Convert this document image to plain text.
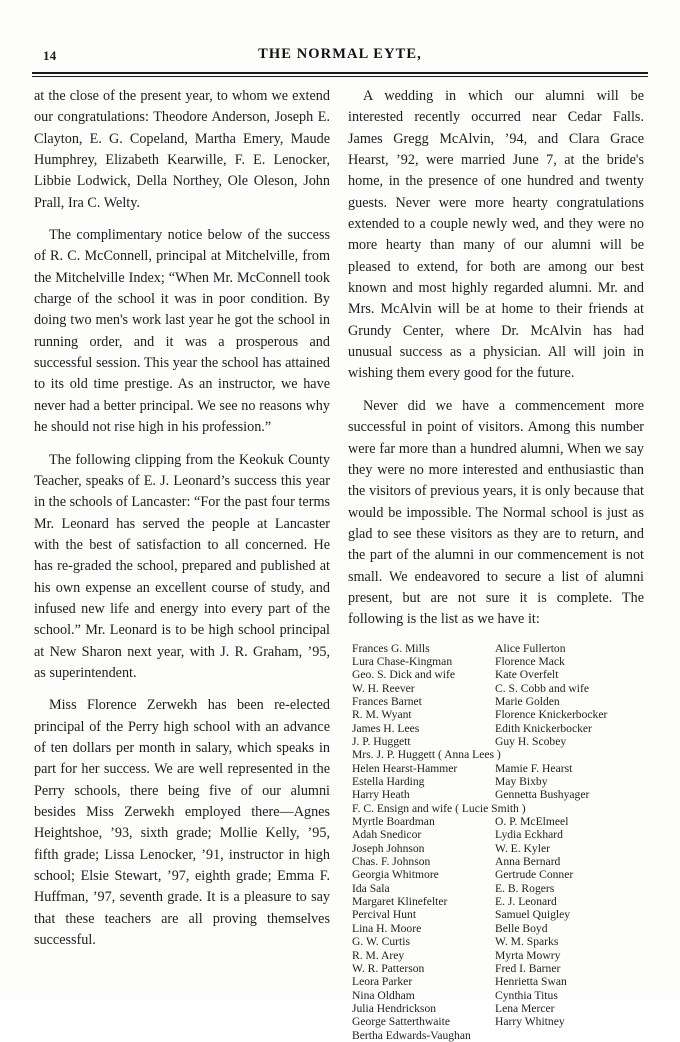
14	THE NORMAL EYTE,

at the close of the present year, to whom we extend our congratulations: Theodore Anderson, Joseph E. Clayton, E. G. Copeland, Martha Emery, Maude Humphrey, Elizabeth Kearwille, F. E. Lenocker, Libbie Lodwick, Della Northey, Ole Oleson, John Prall, Ira C. Welty.

The complimentary notice below of the success of R. C. McConnell, principal at Mitchelville, from the Mitchelville Index; “When Mr. McConnell took charge of the school it was in poor condition. By doing two men's work last year he got the school in running order, and it was a prosperous and successful session. This year the school has attained to its old time prestige. As an instructor, we have never had a better principal. We see no reasons why he should not rise high in his profession.”

The following clipping from the Keokuk County Teacher, speaks of E. J. Leonard’s success this year in the schools of Lancaster: “For the past four terms Mr. Leonard has served the people at Lancaster with the best of satisfaction to all concerned. He has re-graded the school, prepared and published at his own expense an excellent course of study, and infused new life and energy into every part of the school.” Mr. Leonard is to be high school principal at New Sharon next year, with J. R. Graham, ’95, as superintendent.

Miss Florence Zerwekh has been re-elected principal of the Perry high school with an advance of ten dollars per month in salary, which speaks in part for her success. We are well represented in the Perry schools, there being five of our alumni besides Miss Zerwekh employed there—Agnes Heightshoe, ’93, sixth grade; Mollie Kelly, ’95, fifth grade; Lissa Lenocker, ’91, instructor in high school; Elsie Stewart, ’97, eighth grade; Emma F. Huffman, ’97, seventh grade. It is a pleasure to say that these teachers are all proving themselves successful.

A wedding in which our alumni will be interested recently occurred near Cedar Falls. James Gregg McAlvin, ’94, and Clara Grace Hearst, ’92, were married June 7, at the bride's home, in the presence of one hundred and twenty guests. Never were more hearty congratulations extended to a couple newly wed, and they were no more hearty than many of our alumni will be pleased to extend, for both are among our best known and most highly regarded alumni. Mr. and Mrs. McAlvin will be at home to their friends at Grundy Center, where Dr. McAlvin has had unusual success as a physician. All will join in wishing them every good for the future.

Never did we have a commencement more successful in point of visitors. Among this number were far more than a hundred alumni, When we say they were no more interested and enthusiastic than the visitors of previous years, it is only because that would be impossible. The Normal school is just as glad to see these visitors as they are to return, and the part of the alumni in our commencement is not small. We endeavored to secure a list of alumni present, but are not sure it is complete. The following is the list as we have it:

Frances G. Mills	Alice Fullerton
Lura Chase-Kingman	Florence Mack
Geo. S. Dick and wife	Kate Overfelt
W. H. Reever	C. S. Cobb and wife
Frances Barnet	Marie Golden
R. M. Wyant	Florence Knickerbocker
James H. Lees	Edith Knickerbocker
J. P. Huggett	Guy H. Scobey
Mrs. J. P. Huggett ( Anna Lees )
Helen Hearst-Hammer	Mamie F. Hearst
Estella Harding	May Bixby
Harry Heath	Gennetta Bushyager
F. C. Ensign and wife ( Lucie Smith )
Myrtle Boardman	O. P. McElmeel
Adah Snedicor	Lydia Eckhard
Joseph Johnson	W. E. Kyler
Chas. F. Johnson	Anna Bernard
Georgia Whitmore	Gertrude Conner
Ida Sala	E. B. Rogers
Margaret Klinefelter	E. J. Leonard
Percival Hunt	Samuel Quigley
Lina H. Moore	Belle Boyd
G. W. Curtis	W. M. Sparks
R. M. Arey	Myrta Mowry
W. R. Patterson	Fred I. Barner
Leora Parker	Henrietta Swan
Nina Oldham	Cynthia Titus
Julia Hendrickson	Lena Mercer
George Satterthwaite	Harry Whitney
Bertha Edwards-Vaughan
